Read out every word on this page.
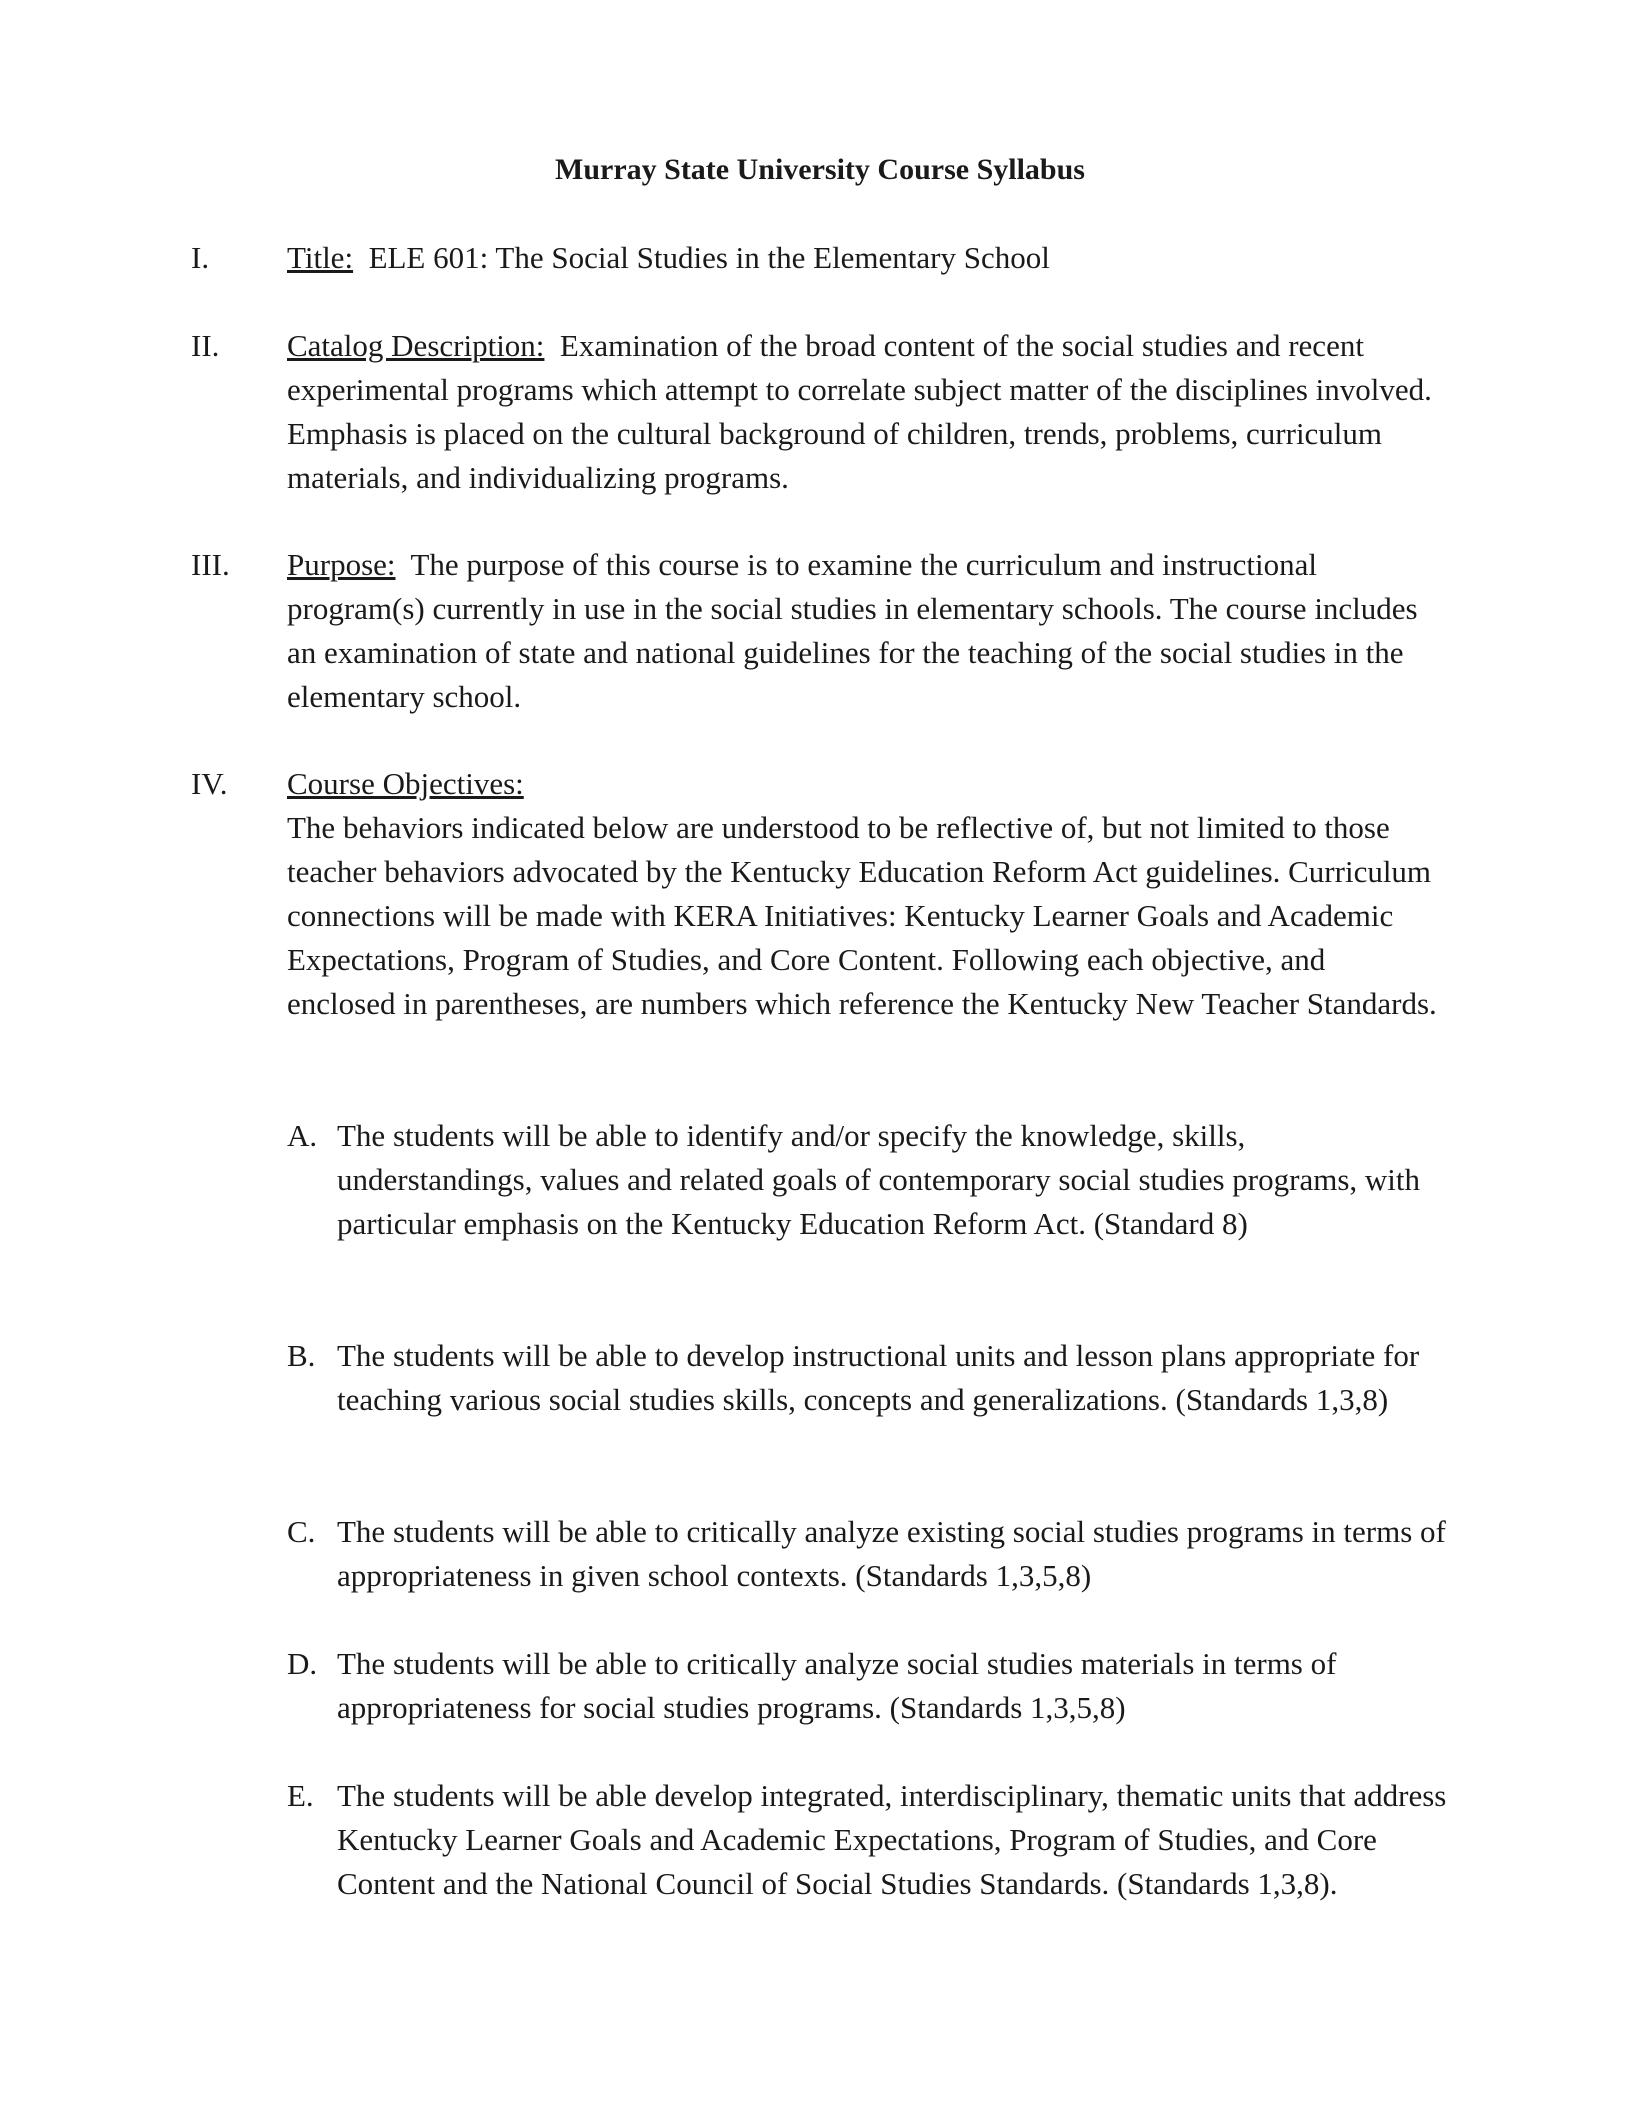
Murray State University Course Syllabus
I.	Title: ELE 601: The Social Studies in the Elementary School
II.	Catalog Description: Examination of the broad content of the social studies and recent experimental programs which attempt to correlate subject matter of the disciplines involved. Emphasis is placed on the cultural background of children, trends, problems, curriculum materials, and individualizing programs.
III.	Purpose: The purpose of this course is to examine the curriculum and instructional program(s) currently in use in the social studies in elementary schools. The course includes an examination of state and national guidelines for the teaching of the social studies in the elementary school.
IV.	Course Objectives:
The behaviors indicated below are understood to be reflective of, but not limited to those teacher behaviors advocated by the Kentucky Education Reform Act guidelines. Curriculum connections will be made with KERA Initiatives: Kentucky Learner Goals and Academic Expectations, Program of Studies, and Core Content. Following each objective, and enclosed in parentheses, are numbers which reference the Kentucky New Teacher Standards.
A. The students will be able to identify and/or specify the knowledge, skills, understandings, values and related goals of contemporary social studies programs, with particular emphasis on the Kentucky Education Reform Act. (Standard 8)
B. The students will be able to develop instructional units and lesson plans appropriate for teaching various social studies skills, concepts and generalizations. (Standards 1,3,8)
C. The students will be able to critically analyze existing social studies programs in terms of appropriateness in given school contexts. (Standards 1,3,5,8)
D. The students will be able to critically analyze social studies materials in terms of appropriateness for social studies programs. (Standards 1,3,5,8)
E. The students will be able develop integrated, interdisciplinary, thematic units that address Kentucky Learner Goals and Academic Expectations, Program of Studies, and Core Content and the National Council of Social Studies Standards. (Standards 1,3,8).
